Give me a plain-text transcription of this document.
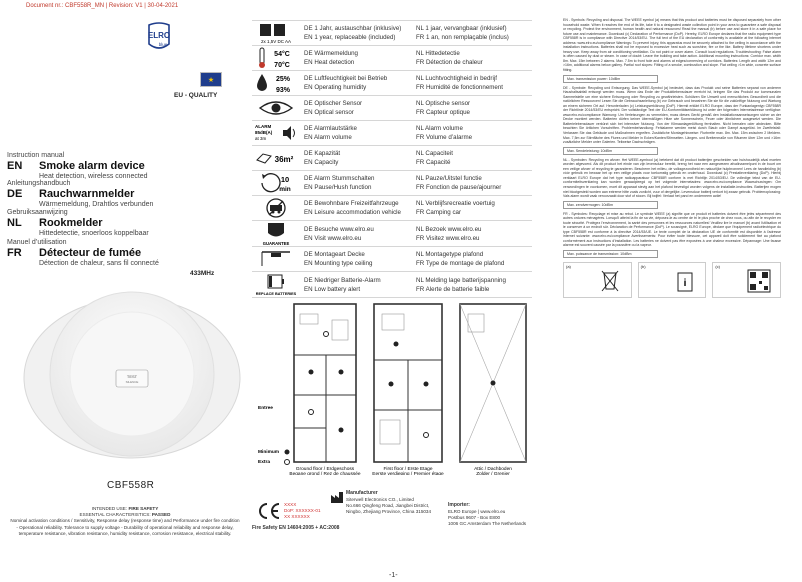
Document nr.: CBF558R_MN | Revision: V1 | 30-04-2021
ELRO
blue
★
EU - QUALITY
Instruction manual
EN	Smoke alarm device
Heat detection, wireless connected
Anleitungshandbuch
DE	Rauchwarnmelder
Wärmemeldung, Drahtlos verbunden
Gebruiksaanwijzing
NL	Rookmelder
Hittedetectie, snoerloos koppelbaar
Manuel d’utilisation
FR	Détecteur de fumée
Détection de chaleur, sans fil connecté
433MHz
TEST
SILENCE
CBF558R
INTENDED USE: FIRE SAFETY
ESSENTIAL CHARACTERISTICS: PASSED
Nominal activation conditions / Sensitivity, Response delay (response time) and Performance under fire condition - Operational reliability. Tolerance to supply voltage - Durability of operational reliability and response delay, temperature resistance, vibration resistance, humidity resistance, corrosion resistance, electrical stability.
2x 1,5V DC AA
DE 1 Jahr, austauschbar (inklusive)	NL 1 jaar, vervangbaar (inklusief)
EN 1 year, replaceable (included)	FR 1 an, non remplaçable (inclus)
54°C
70°C
DE Wärmemeldung	NL Hittedetectie
EN Heat detection	FR Détection de chaleur
25%
93%
DE Luftfeuchtigkeit bei Betrieb	NL Luchtvochtigheid in bedrijf
EN Operating humidity	FR Humidité de fonctionnement
DE Optischer Sensor	NL Optische sensor
EN Optical sensor	FR Capteur optique
ALARM
85dB(A)
at 3m
DE Alarmlautstärke	NL Alarm volume
EN Alarm volume	FR Volume d’alarme
36m²
DE Kapazität	NL Capaciteit
EN Capacity	FR Capacité
10
min
DE Alarm Stummschalten	NL Pauze/Uitstel functie
EN Pause/Hush function	FR Fonction de pause/ajourner
DE Bewohnbare Freizeitfahrzeuge	NL Verblijfsrecreatie voertuig
EN Leisure accommodation vehicle	FR Camping car
GUARANTEE
DE Besuche www.elro.eu	NL Bezoek www.elro.eu
EN Visit www.elro.eu	FR Visitez www.elro.eu
DE Montageart Decke	NL Montagetype plafond
EN Mounting type ceiling	FR Type de montage de plafond
REPLACE BATTERIES
DE Niedriger Batterie-Alarm	NL Melding lage batterijspanning
EN Low battery alert	FR Alerte de batterie faible
Entree
Minimum
Extra
Ground floor / Erdgeschoss
Begane grond / Rez de chaussée
First floor / Erste Etage
Eerste verdieping / Premier étage
Attic / Dachboden
Zolder / Grenier
XXXX
DoP: XXXXXX-01
XX XXXXXX
Fire Safety EN 14604:2005 + AC:2008
Manufacturer
Siterwell Electronics CO., Limited
No.666 Qingfeng Road, Jiangbei District,
Ningbo, Zhejiang Province, China 315034
Importer:
ELRO Europe | www.elro.eu
Postbus 9607 - Box E800
1006 GC Amsterdam The Netherlands
EN - Symbols: Recycling and disposal. The WEEE symbol (a) means that this product and batteries must be disposed separately from other household waste. When it reaches the end of its life, take it to a designated waste collection point in your area to guarantee a safe disposal or recycling. Protect the environment, human health and natural resources! Read the manual (b) before use and store it in a safe place for future use and maintenance. Download (c) Declaration of Performance (DoP). Hereby, ELRO Europe declares that the radio equipment type CBF558R is in compliance with Directive 2014/53/EU. The full text of the EU declaration of conformity is available at the following internet address: www.elro.eu/compliance Warnings: To prevent injury, this apparatus must be securely attached to the ceiling in accordance with the installation instructions. Batteries shall not be exposed to excessive heat such as sunshine, fire or the like. Battery lifetime shortens under heavy use. Keep away from air conditioning ventilation. Do not paint or cover alarm. Consult local regulations. Troubleshooting: False alarm is often caused by dust or steam. In case of doubt: Leave the building and take action. Additional mounting instructions: Corridor max. width 8m. Max. 15m between 2 alarms. Max. 7.5m to front hole and alarms at edges/corners/eg of corridors. Batteries: Length and width 12m and >16m, additional alarms below gallery. Partial roof slopes: Fitting of a smoke, combustion and slope. Flat ceiling >1m wide, concrete surface fitting.
Max. transmission power: 10dBm
DE - Symbole: Recycling und Entsorgung. Das WEEE-Symbol (a) bedeutet, dass das Produkt und seine Batterien separat von anderem Haushaltsabfall entsorgt werden muss. Wenn das Ende der Produktlebensdauer erreicht ist, bringen Sie das Produkt zur kommunalen Sammelstelle um eine sichere Entsorgung oder Recycling zu gewährleisten. Schützen Sie Umwelt und menschliches Gesundheit und die natürlichen Ressourcen! Lesen Sie die Gebrauchsanleitung (b) vor Gebrauch und bewahren Sie sie für die zukünftige Nutzung und Wartung an einem sicheren Ort auf. Herunterladen (c) Leistungserklärung (DoP). Hiermit erklärt ELRO Europe, dass der Funkanlagentyp CBF558R der Richtlinie 2014/53/EU entspricht. Der vollständige Text der EU-Konformitätserklärung ist unter der folgenden Internetadresse verfügbar: www.elro.eu/compliance Warnung: Um Verletzungen zu vermeiden, muss dieses Gerät gemäß den Installationsanweisungen sicher an der Decke montiert werden. Batterien dürfen keiner übermäßigen Hitze wie Sonnenschein, Feuer oder ähnlichem ausgesetzt werden. Die Batterielebensdauer verkürzt sich bei intensiver Nutzung. Von der Klimaanlagenlüftung fernhalten. Nicht bemalen oder abdecken. Bitte beachten Sie örtlichen Vorschriften. Problembehandlung: Fehlalarme werden meist durch Staub oder Dampf ausgelöst. Im Zweifelsfall: Verlassen Sie das Gebäude und Maßnahmen ergreifen. Zusätzliche Montagehinweise: Flurbreite max. 8m. Max. 15m zwischen 2 Meldern. Max. 7,5m zur Stirnfläche des Flures und Melder in Ecken/Kanten/Stirnseiten. Längen- und Breitenmaße von Räumen über 12m und >16m: zusätzliche Melder unter Galerien. Teilweise Dachschrägen.
Max. Sendeleistung: 10dBm
NL - Symbolen: Recycling en afvoer. Het WEEE-symbool (a) betekent dat dit product batterijen gescheiden van huishoudelijk afval moeten worden afgevoerd. Als dit product het einde van zijn levensduur bereikt, breng het naar een aangewezen afvalinzamelpunt in de buurt om een veilige afvoer of recycling te garanderen. Bescherm het milieu, de volksgezondheid en natuurlijke hulpbronnen! Lees de handleiding (b) vóór gebruik en bewaar het op een veilige plaats voor toekomstig gebruik en onderhoud. Download (c) Prestatieverklaring (DoP). Hierbij verklaart ELRO Europe dat het type radioapparatuur CBF558R conform is met Richtlijn 2014/53/EU. De volledige tekst van de EU-conformiteitsverklaring kan worden geraadpleegd op het volgende internetadres: www.elro.eu/compliance Waarschuwingen: Om verwondingen te voorkomen, moet dit apparaat stevig aan het plafond bevestigd worden volgens de installatie-instructies. Batterijen mogen niet blootgesteld worden aan extreme hitte zoals zonlicht, vuur of dergelijke. Levensduur batterij verkort bij zwaar gebruik. Problemoplossing: Vals alarm wordt vaak veroorzaakt door stof of stoom. Bij twijfel: Verlaat het pand en onderneem actie!
Max. zendvermogen: 10dBm
FR - Symboles: Recyclage et mise au rebut. Le symbole WEEE (a) signifie que ce produit et batteries doivent être jetés séparément des autres ordures ménagères. Lorsqu'il atteint la fin de sa vie, déposez-le au centre de tri le plus proche de chez vous, ou afin de le recycler en toute sécurité. Protégez l'environnement, la santé des personnes et les ressources naturelles! Veuillez lire le manuel (b) avant l'utilisation et le conserver à un endroit sûr. Déclaration de Performance (DoP). Le soussigné, ELRO Europe, déclare que l'équipement radioélectrique du type CBF558R est conforme à la directive 2014/53/UE. Le texte complet de la déclaration UE de conformité est disponible à l'adresse internet suivante: www.elro.eu/compliance Avertissements: Pour éviter toute blessure, cet appareil doit être solidement fixé au plafond conformément aux instructions d'installation. Les batteries ne doivent pas être exposées à une chaleur excessive. Dépannage: Une fausse alarme est souvent causée par la poussière ou la vapeur.
Max. puissance de transmission: 10dBm
(a)	(b)
i
(c)
-1-
